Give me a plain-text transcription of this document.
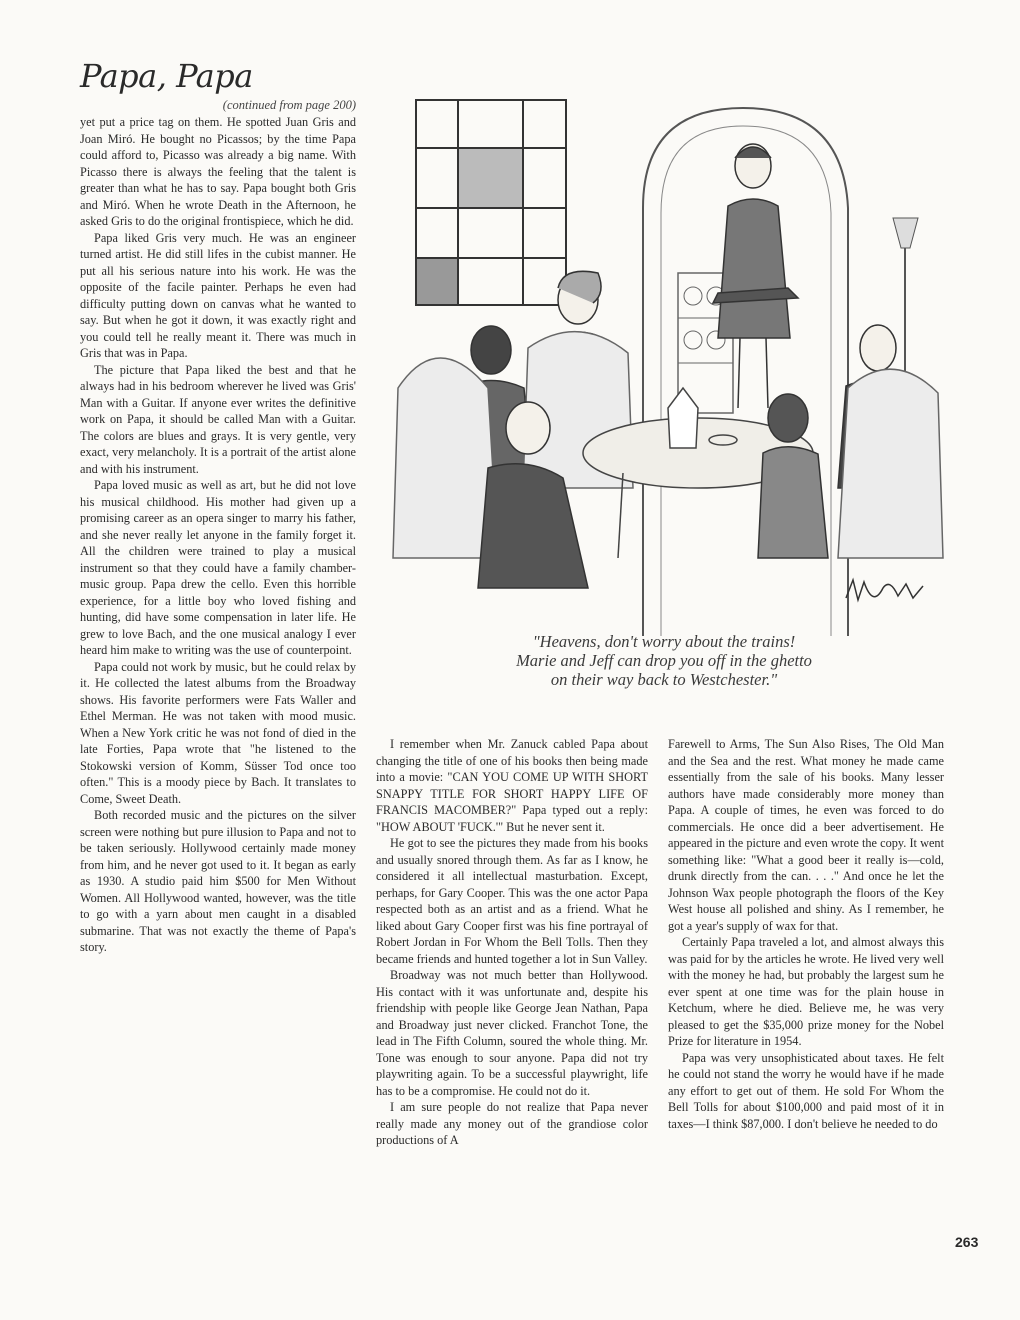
Papa, Papa

(continued from page 200)

yet put a price tag on them. He spotted Juan Gris and Joan Miró. He bought no Picassos; by the time Papa could afford to, Picasso was already a big name. With Picasso there is always the feeling that the talent is greater than what he has to say. Papa bought both Gris and Miró. When he wrote Death in the Afternoon, he asked Gris to do the original frontispiece, which he did.

Papa liked Gris very much. He was an engineer turned artist. He did still lifes in the cubist manner. He put all his serious nature into his work. He was the opposite of the facile painter. Perhaps he even had difficulty putting down on canvas what he wanted to say. But when he got it down, it was exactly right and you could tell he really meant it. There was much in Gris that was in Papa.

The picture that Papa liked the best and that he always had in his bedroom wherever he lived was Gris' Man with a Guitar. If anyone ever writes the definitive work on Papa, it should be called Man with a Guitar. The colors are blues and grays. It is very gentle, very exact, very melancholy. It is a portrait of the artist alone and with his instrument.

Papa loved music as well as art, but he did not love his musical childhood. His mother had given up a promising career as an opera singer to marry his father, and she never really let anyone in the family forget it. All the children were trained to play a musical instrument so that they could have a family chamber-music group. Papa drew the cello. Even this horrible experience, for a little boy who loved fishing and hunting, did have some compensation in later life. He grew to love Bach, and the one musical analogy I ever heard him make to writing was the use of counterpoint.

Papa could not work by music, but he could relax by it. He collected the latest albums from the Broadway shows. His favorite performers were Fats Waller and Ethel Merman. He was not taken with mood music. When a New York critic he was not fond of died in the late Forties, Papa wrote that "he listened to the Stokowski version of Komm, Süsser Tod once too often." This is a moody piece by Bach. It translates to Come, Sweet Death.

Both recorded music and the pictures on the silver screen were nothing but pure illusion to Papa and not to be taken seriously. Hollywood certainly made money from him, and he never got used to it. It began as early as 1930. A studio paid him $500 for Men Without Women. All Hollywood wanted, however, was the title to go with a yarn about men caught in a disabled submarine. That was not exactly the theme of Papa's story.

"Heavens, don't worry about the trains!
Marie and Jeff can drop you off in the ghetto
on their way back to Westchester."

I remember when Mr. Zanuck cabled Papa about changing the title of one of his books then being made into a movie: "CAN YOU COME UP WITH SHORT SNAPPY TITLE FOR SHORT HAPPY LIFE OF FRANCIS MACOMBER?" Papa typed out a reply: "HOW ABOUT 'FUCK.'" But he never sent it.

He got to see the pictures they made from his books and usually snored through them. As far as I know, he considered it all intellectual masturbation. Except, perhaps, for Gary Cooper. This was the one actor Papa respected both as an artist and as a friend. What he liked about Gary Cooper first was his fine portrayal of Robert Jordan in For Whom the Bell Tolls. Then they became friends and hunted together a lot in Sun Valley.

Broadway was not much better than Hollywood. His contact with it was unfortunate and, despite his friendship with people like George Jean Nathan, Papa and Broadway just never clicked. Franchot Tone, the lead in The Fifth Column, soured the whole thing. Mr. Tone was enough to sour anyone. Papa did not try playwriting again. To be a successful playwright, life has to be a compromise. He could not do it.

I am sure people do not realize that Papa never really made any money out of the grandiose color productions of A

Farewell to Arms, The Sun Also Rises, The Old Man and the Sea and the rest. What money he made came essentially from the sale of his books. Many lesser authors have made considerably more money than Papa. A couple of times, he even was forced to do commercials. He once did a beer advertisement. He appeared in the picture and even wrote the copy. It went something like: "What a good beer it really is—cold, drunk directly from the can. . . ." And once he let the Johnson Wax people photograph the floors of the Key West house all polished and shiny. As I remember, he got a year's supply of wax for that.

Certainly Papa traveled a lot, and almost always this was paid for by the articles he wrote. He lived very well with the money he had, but probably the largest sum he ever spent at one time was for the plain house in Ketchum, where he died. Believe me, he was very pleased to get the $35,000 prize money for the Nobel Prize for literature in 1954.

Papa was very unsophisticated about taxes. He felt he could not stand the worry he would have if he made any effort to get out of them. He sold For Whom the Bell Tolls for about $100,000 and paid most of it in taxes—I think $87,000. I don't believe he needed to do

263
